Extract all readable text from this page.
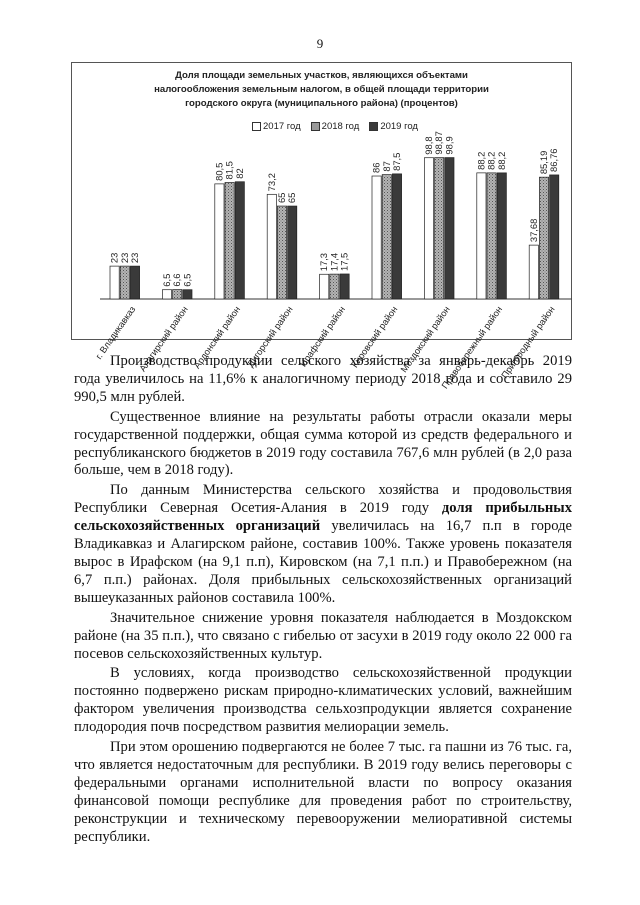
9
Доля площади земельных участков, являющихся объектами
налогообложения земельным налогом, в общей площади территории
городского округа (муниципального района) (процентов)
2017 год 2018 год 2019 год
23 23 23
г. Владикавказ
6,5 6,6 6,5
Алагирский район
80,5 81,5 82
Ардонский район
73,2
65 65
Дигорский район
17,3 17,4 17,5
Ирафский район
86 87 87,5
Кировский район
98,8 98,87 98,9
Моздокский район
88,2 88,2 88,2
Правобережный район
37,68
85,19 86,76
Пригородный район

Производство продукции сельского хозяйства за январь-декабрь 2019 года увеличилось на 11,6% к аналогичному периоду 2018 года и составило 29 990,5 млн рублей.

Существенное влияние на результаты работы отрасли оказали меры государственной поддержки, общая сумма которой из средств федерального и республиканского бюджетов в 2019 году составила 767,6 млн рублей (в 2,0 раза больше, чем в 2018 году).

По данным Министерства сельского хозяйства и продовольствия Республики Северная Осетия-Алания в 2019 году доля прибыльных сельскохозяйственных организаций увеличилась на 16,7 п.п в городе Владикавказ и Алагирском районе, составив 100%. Также уровень показателя вырос в Ирафском (на 9,1 п.п), Кировском (на 7,1 п.п.) и Правобережном (на 6,7 п.п.) районах. Доля прибыльных сельскохозяйственных организаций вышеуказанных районов составила 100%.

Значительное снижение уровня показателя наблюдается в Моздокском районе (на 35 п.п.), что связано с гибелью от засухи в 2019 году около 22 000 га посевов сельскохозяйственных культур.

В условиях, когда производство сельскохозяйственной продукции постоянно подвержено рискам природно-климатических условий, важнейшим фактором увеличения производства сельхозпродукции является сохранение плодородия почв посредством развития мелиорации земель.

При этом орошению подвергаются не более 7 тыс. га пашни из 76 тыс. га, что является недостаточным для республики. В 2019 году велись переговоры с федеральными органами исполнительной власти по вопросу оказания финансовой помощи республике для проведения работ по строительству, реконструкции и техническому перевооружении мелиоративной системы республики.
